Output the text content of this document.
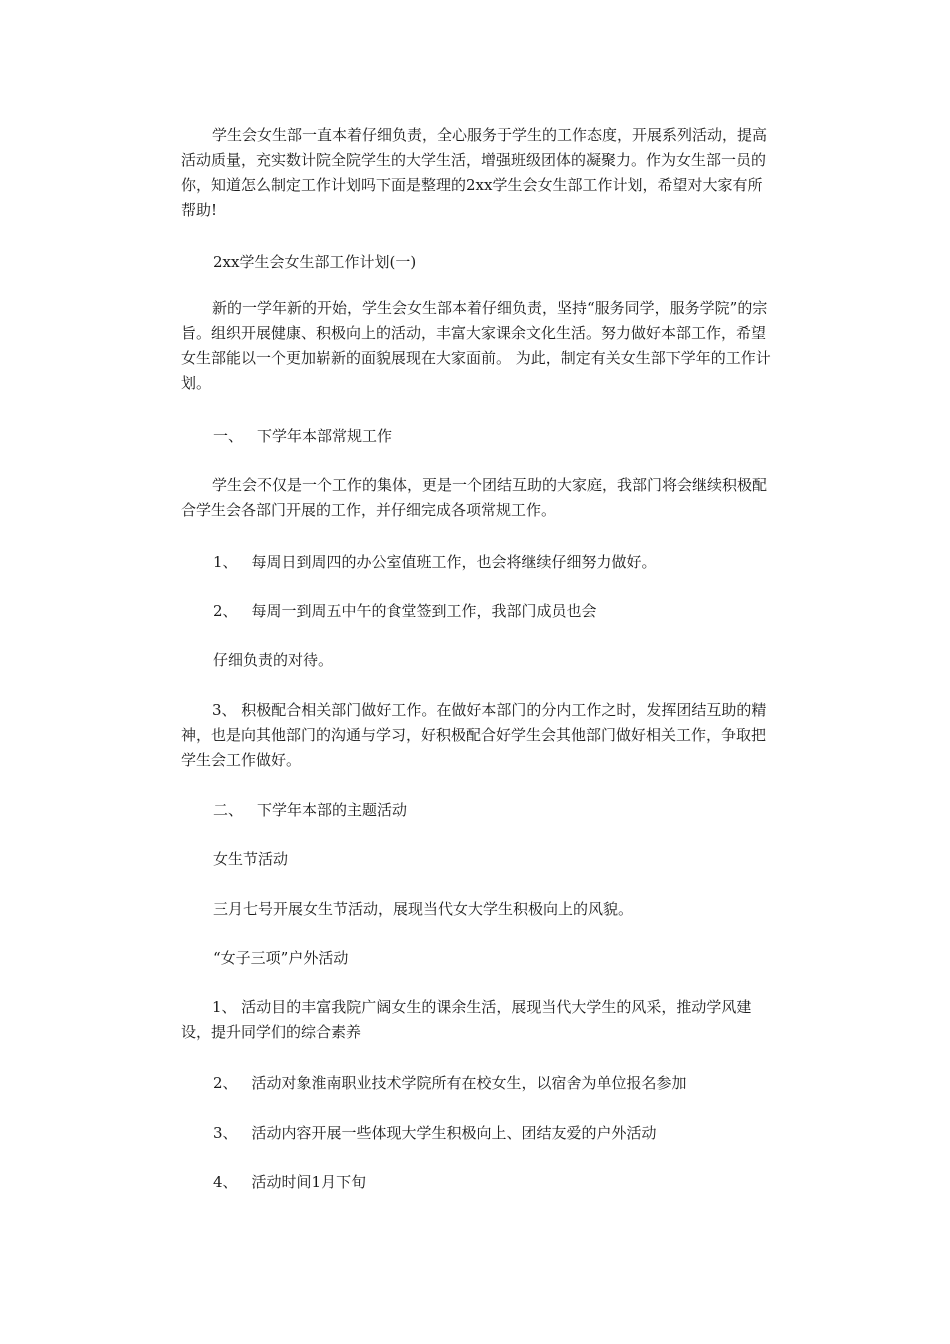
学生会女生部一直本着仔细负责，全心服务于学生的工作态度，开展系列活动，提高活动质量，充实数计院全院学生的大学生活，增强班级团体的凝聚力。作为女生部一员的你，知道怎么制定工作计划吗下面是整理的2xx学生会女生部工作计划，希望对大家有所帮助!
2xx学生会女生部工作计划(一)
新的一学年新的开始，学生会女生部本着仔细负责，坚持“服务同学，服务学院”的宗旨。组织开展健康、积极向上的活动，丰富大家课余文化生活。努力做好本部工作，希望女生部能以一个更加崭新的面貌展现在大家面前。 为此，制定有关女生部下学年的工作计划。
一、 下学年本部常规工作
学生会不仅是一个工作的集体，更是一个团结互助的大家庭，我部门将会继续积极配合学生会各部门开展的工作，并仔细完成各项常规工作。
1、 每周日到周四的办公室值班工作，也会将继续仔细努力做好。
2、 每周一到周五中午的食堂签到工作，我部门成员也会
仔细负责的对待。
3、 积极配合相关部门做好工作。在做好本部门的分内工作之时，发挥团结互助的精神，也是向其他部门的沟通与学习，好积极配合好学生会其他部门做好相关工作，争取把学生会工作做好。
二、 下学年本部的主题活动
女生节活动
三月七号开展女生节活动，展现当代女大学生积极向上的风貌。
“女子三项”户外活动
1、 活动目的丰富我院广阔女生的课余生活，展现当代大学生的风采，推动学风建设，提升同学们的综合素养
2、 活动对象淮南职业技术学院所有在校女生，以宿舍为单位报名参加
3、 活动内容开展一些体现大学生积极向上、团结友爱的户外活动
4、 活动时间1月下旬
